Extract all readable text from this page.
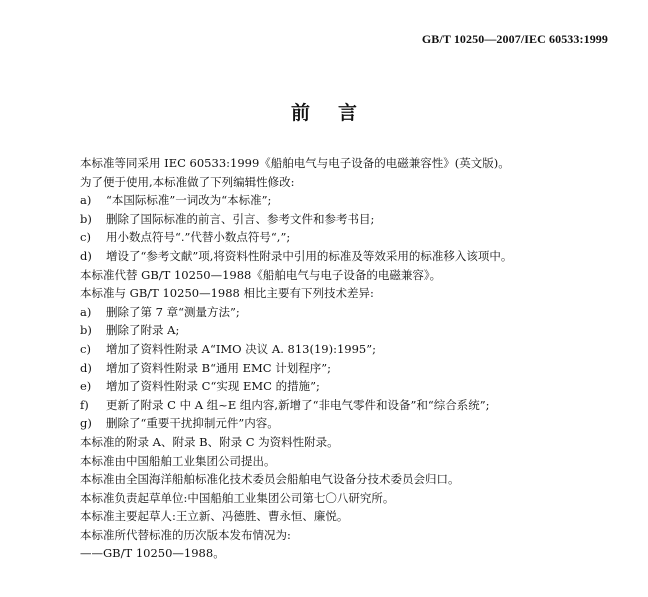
GB/T 10250—2007/IEC 60533:1999
前言
本标准等同采用 IEC 60533:1999《船舶电气与电子设备的电磁兼容性》(英文版)。
为了便于使用,本标准做了下列编辑性修改:
a) “本国际标准”一词改为“本标准”;
b) 删除了国际标准的前言、引言、参考文件和参考书目;
c) 用小数点符号“.”代替小数点符号“,”;
d) 增设了“参考文献”项,将资料性附录中引用的标准及等效采用的标准移入该项中。
本标准代替 GB/T 10250—1988《船舶电气与电子设备的电磁兼容》。
本标准与 GB/T 10250—1988 相比主要有下列技术差异:
a) 删除了第 7 章“测量方法”;
b) 删除了附录 A;
c) 增加了资料性附录 A“IMO 决议 A. 813(19):1995”;
d) 增加了资料性附录 B“通用 EMC 计划程序”;
e) 增加了资料性附录 C“实现 EMC 的措施”;
f) 更新了附录 C 中 A 组~E 组内容,新增了“非电气零件和设备”和“综合系统”;
g) 删除了“重要干扰抑制元件”内容。
本标准的附录 A、附录 B、附录 C 为资料性附录。
本标准由中国船舶工业集团公司提出。
本标准由全国海洋船舶标准化技术委员会船舶电气设备分技术委员会归口。
本标准负责起草单位:中国船舶工业集团公司第七〇八研究所。
本标准主要起草人:王立新、冯德胜、曹永恒、廉悦。
本标准所代替标准的历次版本发布情况为:
——GB/T 10250—1988。
